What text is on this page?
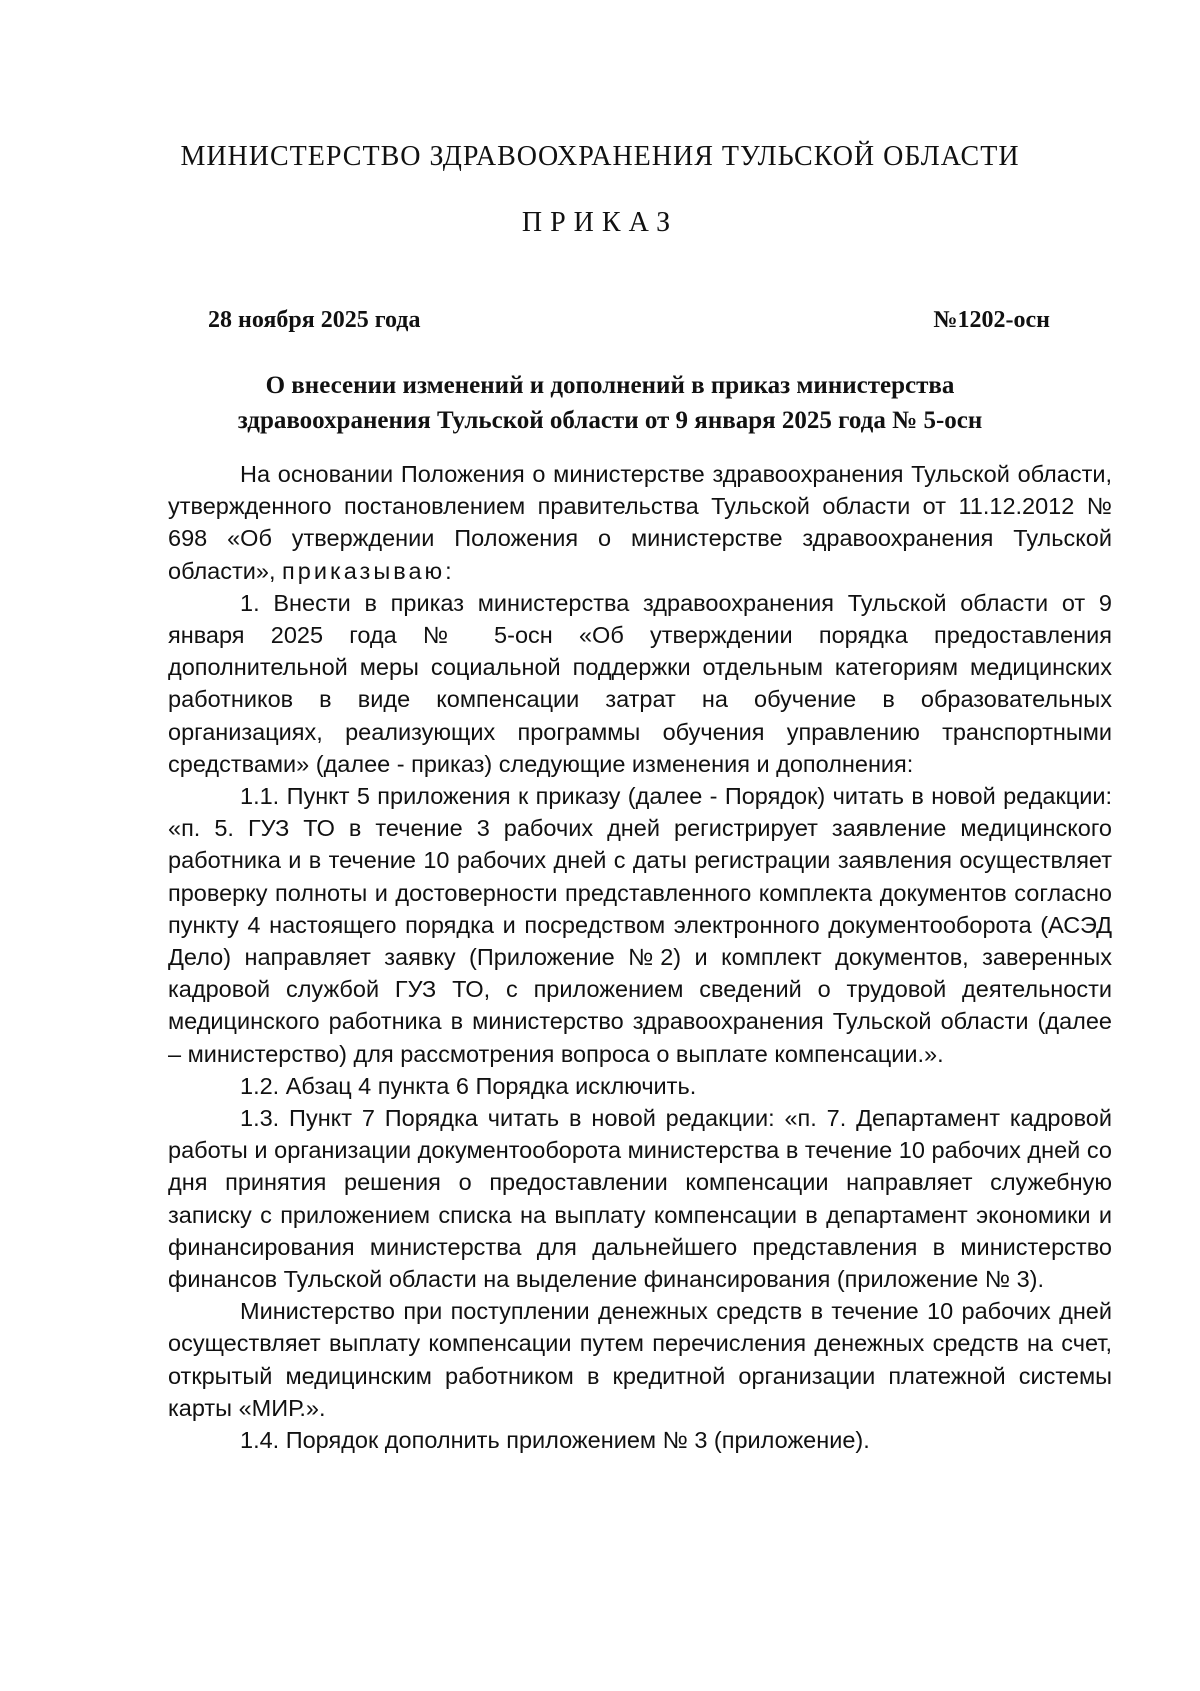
МИНИСТЕРСТВО ЗДРАВООХРАНЕНИЯ ТУЛЬСКОЙ ОБЛАСТИ
ПРИКАЗ
28 ноября 2025 года	№1202-осн
О внесении изменений и дополнений в приказ министерства здравоохранения Тульской области от 9 января 2025 года № 5-осн

На основании Положения о министерстве здравоохранения Тульской области, утвержденного постановлением правительства Тульской области от 11.12.2012 № 698 «Об утверждении Положения о министерстве здравоохранения Тульской области», приказываю:

1. Внести в приказ министерства здравоохранения Тульской области от 9 января 2025 года № 5-осн «Об утверждении порядка предоставления дополнительной меры социальной поддержки отдельным категориям медицинских работников в виде компенсации затрат на обучение в образовательных организациях, реализующих программы обучения управлению транспортными средствами» (далее - приказ) следующие изменения и дополнения:

1.1. Пункт 5 приложения к приказу (далее - Порядок) читать в новой редакции: «п. 5. ГУЗ ТО в течение 3 рабочих дней регистрирует заявление медицинского работника и в течение 10 рабочих дней с даты регистрации заявления осуществляет проверку полноты и достоверности представленного комплекта документов согласно пункту 4 настоящего порядка и посредством электронного документооборота (АСЭД Дело) направляет заявку (Приложение №2) и комплект документов, заверенных кадровой службой ГУЗ ТО, с приложением сведений о трудовой деятельности медицинского работника в министерство здравоохранения Тульской области (далее – министерство) для рассмотрения вопроса о выплате компенсации.».

1.2. Абзац 4 пункта 6 Порядка исключить.

1.3. Пункт 7 Порядка читать в новой редакции: «п. 7. Департамент кадровой работы и организации документооборота министерства в течение 10 рабочих дней со дня принятия решения о предоставлении компенсации направляет служебную записку с приложением списка на выплату компенсации в департамент экономики и финансирования министерства для дальнейшего представления в министерство финансов Тульской области на выделение финансирования (приложение № 3).

Министерство при поступлении денежных средств в течение 10 рабочих дней осуществляет выплату компенсации путем перечисления денежных средств на счет, открытый медицинским работником в кредитной организации платежной системы карты «МИР.».

1.4. Порядок дополнить приложением № 3 (приложение).
